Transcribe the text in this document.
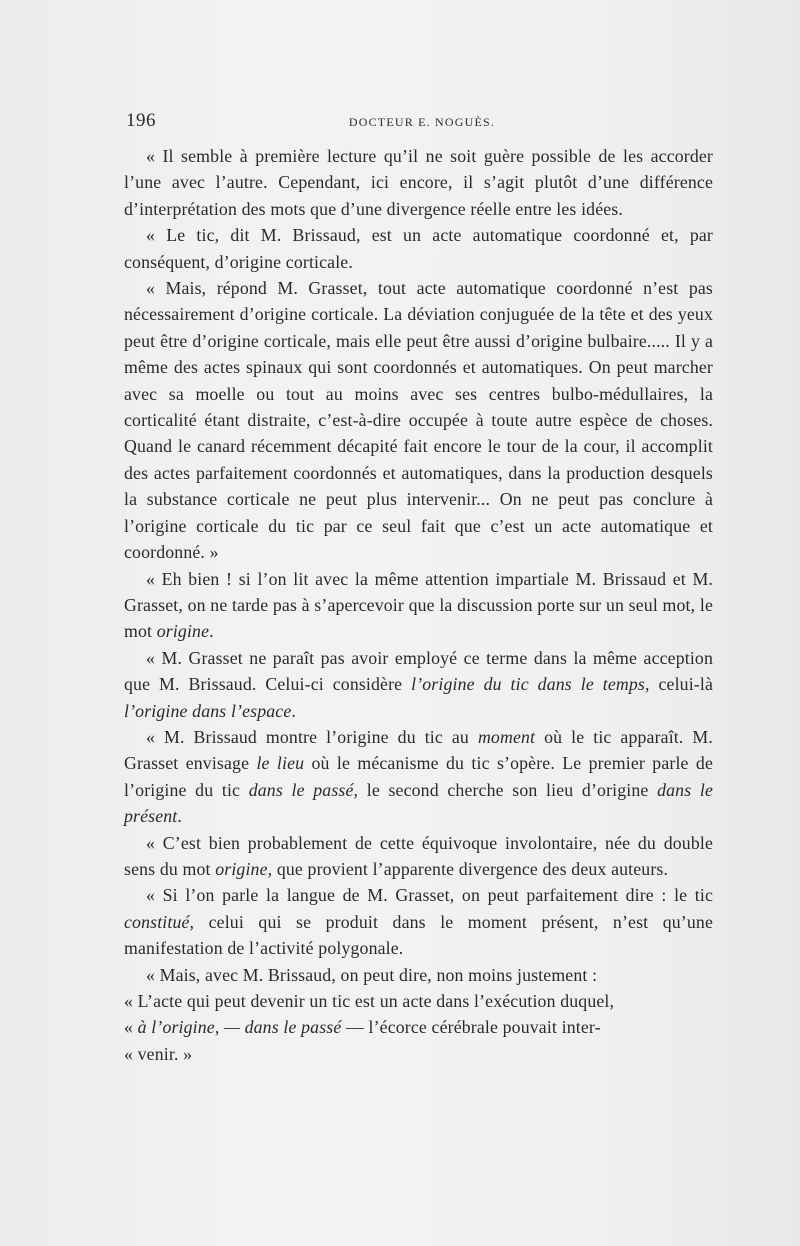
196	DOCTEUR E. NOGUÈS.

« Il semble à première lecture qu’il ne soit guère possible de les accorder l’une avec l’autre. Cependant, ici encore, il s’agit plutôt d’une différence d’interprétation des mots que d’une divergence réelle entre les idées.

« Le tic, dit M. Brissaud, est un acte automatique coordonné et, par conséquent, d’origine corticale.

« Mais, répond M. Grasset, tout acte automatique coordonné n’est pas nécessairement d’origine corticale. La déviation conjuguée de la tête et des yeux peut être d’origine corticale, mais elle peut être aussi d’origine bulbaire..... Il y a même des actes spinaux qui sont coordonnés et automatiques. On peut marcher avec sa moelle ou tout au moins avec ses centres bulbo-médullaires, la corticalité étant distraite, c’est-à-dire occupée à toute autre espèce de choses. Quand le canard récemment décapité fait encore le tour de la cour, il accomplit des actes parfaitement coordonnés et automatiques, dans la production desquels la substance corticale ne peut plus intervenir... On ne peut pas conclure à l’origine corticale du tic par ce seul fait que c’est un acte automatique et coordonné. »

« Eh bien ! si l’on lit avec la même attention impartiale M. Brissaud et M. Grasset, on ne tarde pas à s’apercevoir que la discussion porte sur un seul mot, le mot origine.

« M. Grasset ne paraît pas avoir employé ce terme dans la même acception que M. Brissaud. Celui-ci considère l’origine du tic dans le temps, celui-là l’origine dans l’espace.

« M. Brissaud montre l’origine du tic au moment où le tic apparaît. M. Grasset envisage le lieu où le mécanisme du tic s’opère. Le premier parle de l’origine du tic dans le passé, le second cherche son lieu d’origine dans le présent.

« C’est bien probablement de cette équivoque involontaire, née du double sens du mot origine, que provient l’apparente divergence des deux auteurs.

« Si l’on parle la langue de M. Grasset, on peut parfaitement dire : le tic constitué, celui qui se produit dans le moment présent, n’est qu’une manifestation de l’activité polygonale.

« Mais, avec M. Brissaud, on peut dire, non moins justement :

« L’acte qui peut devenir un tic est un acte dans l’exécution duquel,

« à l’origine, — dans le passé — l’écorce cérébrale pouvait inter-

« venir. »
